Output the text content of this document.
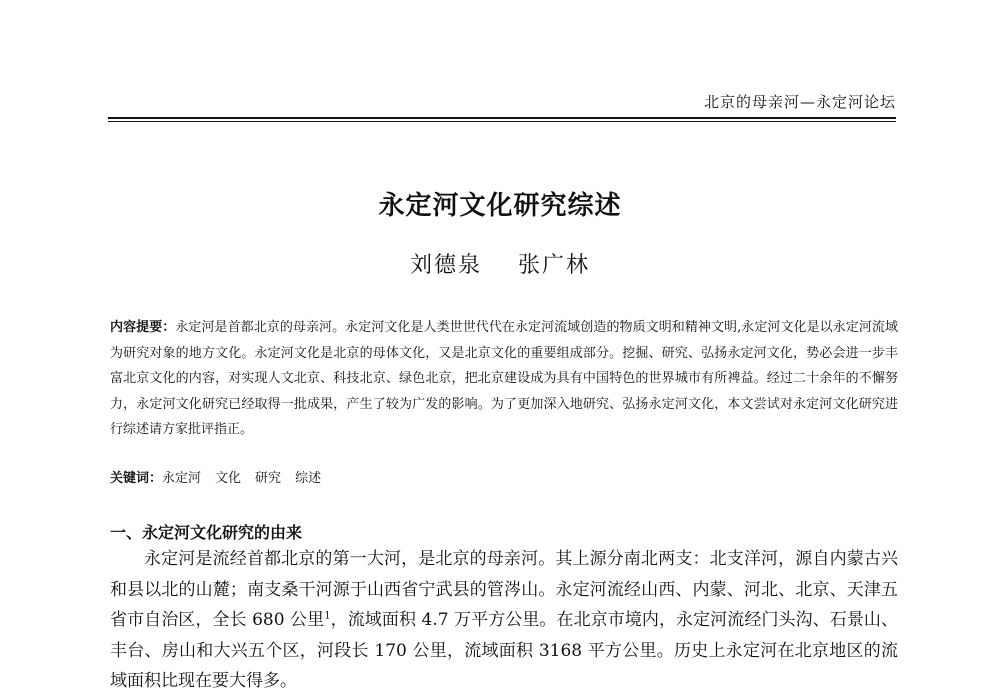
北京的母亲河—永定河论坛
永定河文化研究综述
刘德泉 张广林
内容提要：永定河是首都北京的母亲河。永定河文化是人类世世代代在永定河流域创造的物质文明和精神文明,永定河文化是以永定河流域为研究对象的地方文化。永定河文化是北京的母体文化，又是北京文化的重要组成部分。挖掘、研究、弘扬永定河文化，势必会进一步丰富北京文化的内容，对实现人文北京、科技北京、绿色北京，把北京建设成为具有中国特色的世界城市有所裨益。经过二十余年的不懈努力，永定河文化研究已经取得一批成果，产生了较为广发的影响。为了更加深入地研究、弘扬永定河文化，本文尝试对永定河文化研究进行综述请方家批评指正。
关键词：永定河 文化 研究 综述
一、永定河文化研究的由来

永定河是流经首都北京的第一大河，是北京的母亲河。其上源分南北两支：北支洋河，源自内蒙古兴和县以北的山麓；南支桑干河源于山西省宁武县的管涔山。永定河流经山西、内蒙、河北、北京、天津五省市自治区，全长 680 公里$^1$，流域面积 4.7 万平方公里。在北京市境内，永定河流经门头沟、石景山、丰台、房山和大兴五个区，河段长 170 公里，流域面积 3168 平方公里。历史上永定河在北京地区的流域面积比现在要大得多。
